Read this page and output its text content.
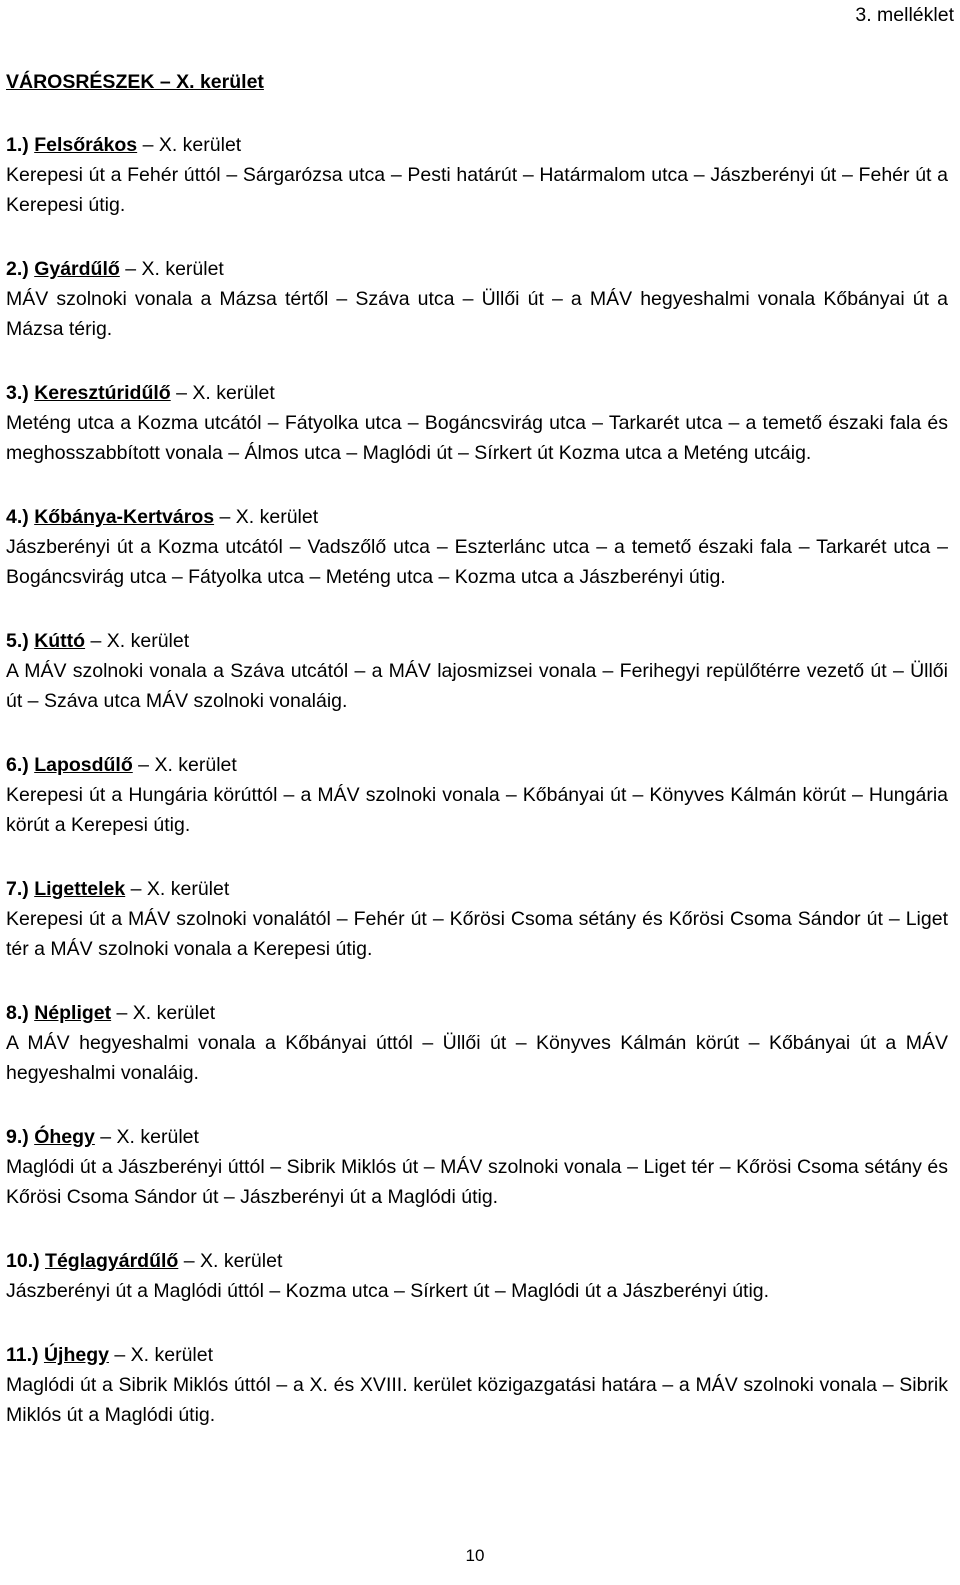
3. melléklet
VÁROSRÉSZEK – X. kerület
1.) Felsőrákos – X. kerület

Kerepesi út a Fehér úttól – Sárgarózsa utca – Pesti határút – Határmalom utca – Jászberényi út – Fehér út a Kerepesi útig.

2.) Gyárdűlő – X. kerület

MÁV szolnoki vonala a Mázsa tértől – Száva utca – Üllői út – a MÁV hegyeshalmi vonala Kőbányai út a Mázsa térig.

3.) Keresztúridűlő – X. kerület

Meténg utca a Kozma utcától – Fátyolka utca – Bogáncsvirág utca – Tarkarét utca – a temető északi fala és meghosszabbított vonala – Álmos utca – Maglódi út – Sírkert út Kozma utca a Meténg utcáig.

4.) Kőbánya-Kertváros – X. kerület

Jászberényi út a Kozma utcától – Vadszőlő utca – Eszterlánc utca – a temető északi fala – Tarkarét utca – Bogáncsvirág utca – Fátyolka utca – Meténg utca – Kozma utca a Jászberényi útig.

5.) Kúttó – X. kerület

A MÁV szolnoki vonala a Száva utcától – a MÁV lajosmizsei vonala – Ferihegyi repülőtérre vezető út – Üllői út – Száva utca MÁV szolnoki vonaláig.

6.) Laposdűlő – X. kerület

Kerepesi út a Hungária körúttól – a MÁV szolnoki vonala – Kőbányai út – Könyves Kálmán körút – Hungária körút a Kerepesi útig.

7.) Ligettelek – X. kerület

Kerepesi út a MÁV szolnoki vonalától – Fehér út – Kőrösi Csoma sétány és Kőrösi Csoma Sándor út – Liget tér a MÁV szolnoki vonala a Kerepesi útig.

8.) Népliget – X. kerület

A MÁV hegyeshalmi vonala a Kőbányai úttól – Üllői út – Könyves Kálmán körút – Kőbányai út a MÁV hegyeshalmi vonaláig.

9.) Óhegy – X. kerület

Maglódi út a Jászberényi úttól – Sibrik Miklós út – MÁV szolnoki vonala – Liget tér – Kőrösi Csoma sétány és Kőrösi Csoma Sándor út – Jászberényi út a Maglódi útig.

10.) Téglagyárdűlő – X. kerület

Jászberényi út a Maglódi úttól – Kozma utca – Sírkert út – Maglódi út a Jászberényi útig.

11.) Újhegy – X. kerület

Maglódi út a Sibrik Miklós úttól – a X. és XVIII. kerület közigazgatási határa – a MÁV szolnoki vonala – Sibrik Miklós út a Maglódi útig.

10
